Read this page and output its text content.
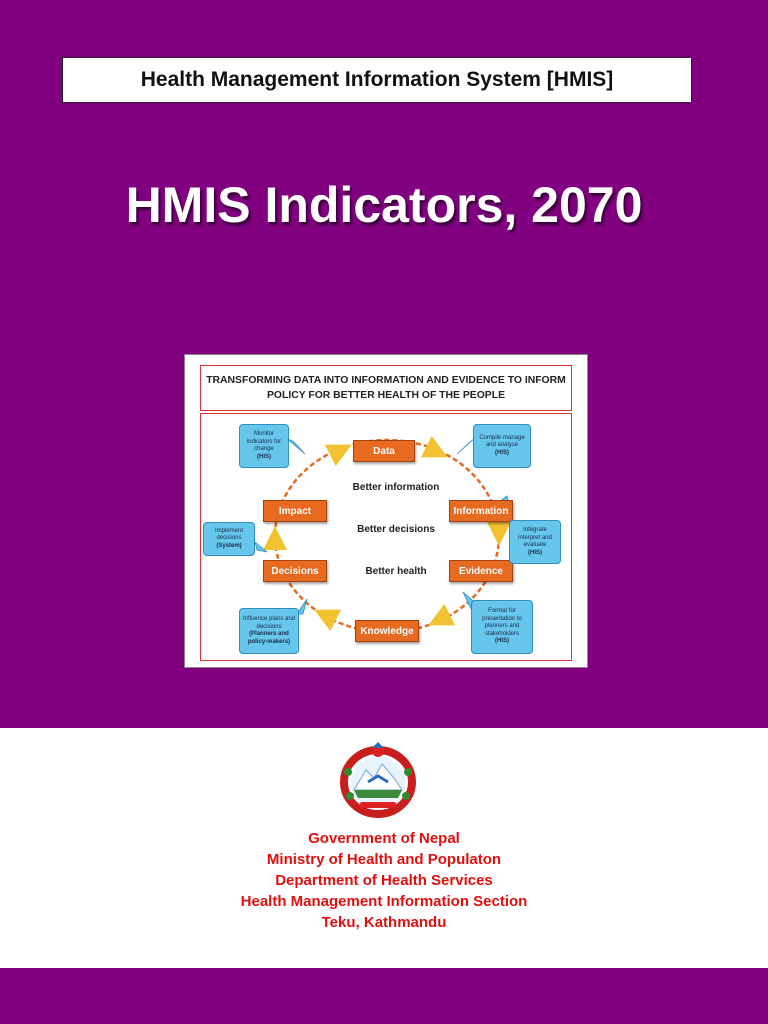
Health Management Information System [HMIS]
HMIS Indicators, 2070
TRANSFORMING DATA INTO INFORMATION AND EVIDENCE TO INFORM POLICY FOR BETTER HEALTH OF THE PEOPLE
Data
Information
Evidence
Knowledge
Decisions
Impact
Better information
Better decisions
Better health
Monitor indicators for change
(HIS)
Compile manage and analyse
(HIS)
Integrate interpret and evaluate
(HIS)
Format for presentation to planners and stakeholders
(HIS)
Influence plans and decisions
(Planners and policy-makers)
Implement decisions
(System)
Government of Nepal
Ministry of Health and Populaton
Department of Health Services
Health Management Information Section
Teku, Kathmandu
